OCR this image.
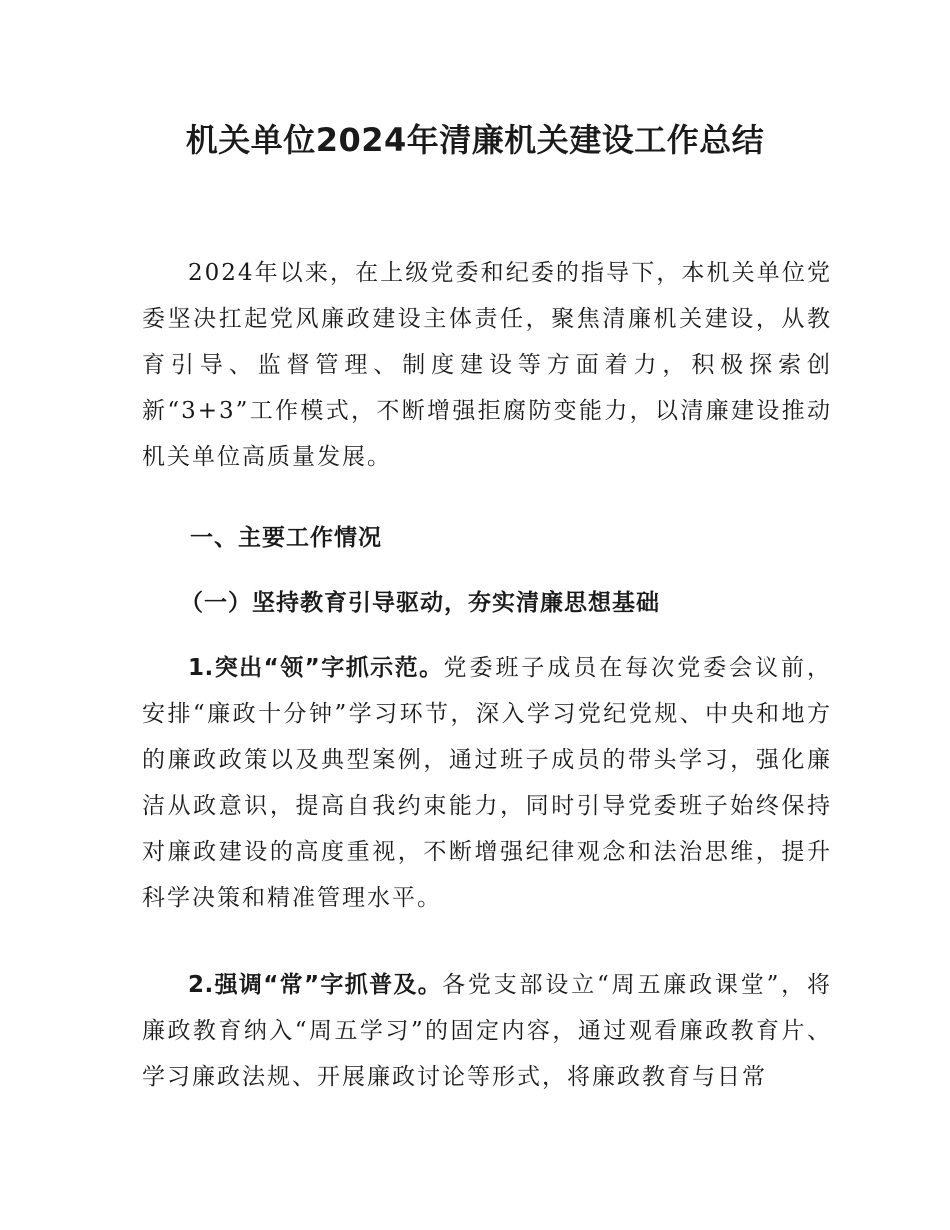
机关单位2024年清廉机关建设工作总结

2024年以来，在上级党委和纪委的指导下，本机关单位党委坚决扛起党风廉政建设主体责任，聚焦清廉机关建设，从教育引导、监督管理、制度建设等方面着力，积极探索创新“3+3”工作模式，不断增强拒腐防变能力，以清廉建设推动机关单位高质量发展。

一、主要工作情况
（一）坚持教育引导驱动，夯实清廉思想基础

1.突出“领”字抓示范。党委班子成员在每次党委会议前，安排“廉政十分钟”学习环节，深入学习党纪党规、中央和地方的廉政政策以及典型案例，通过班子成员的带头学习，强化廉洁从政意识，提高自我约束能力，同时引导党委班子始终保持对廉政建设的高度重视，不断增强纪律观念和法治思维，提升科学决策和精准管理水平。

2.强调“常”字抓普及。各党支部设立“周五廉政课堂”，将廉政教育纳入“周五学习”的固定内容，通过观看廉政教育片、学习廉政法规、开展廉政讨论等形式，将廉政教育与日常
